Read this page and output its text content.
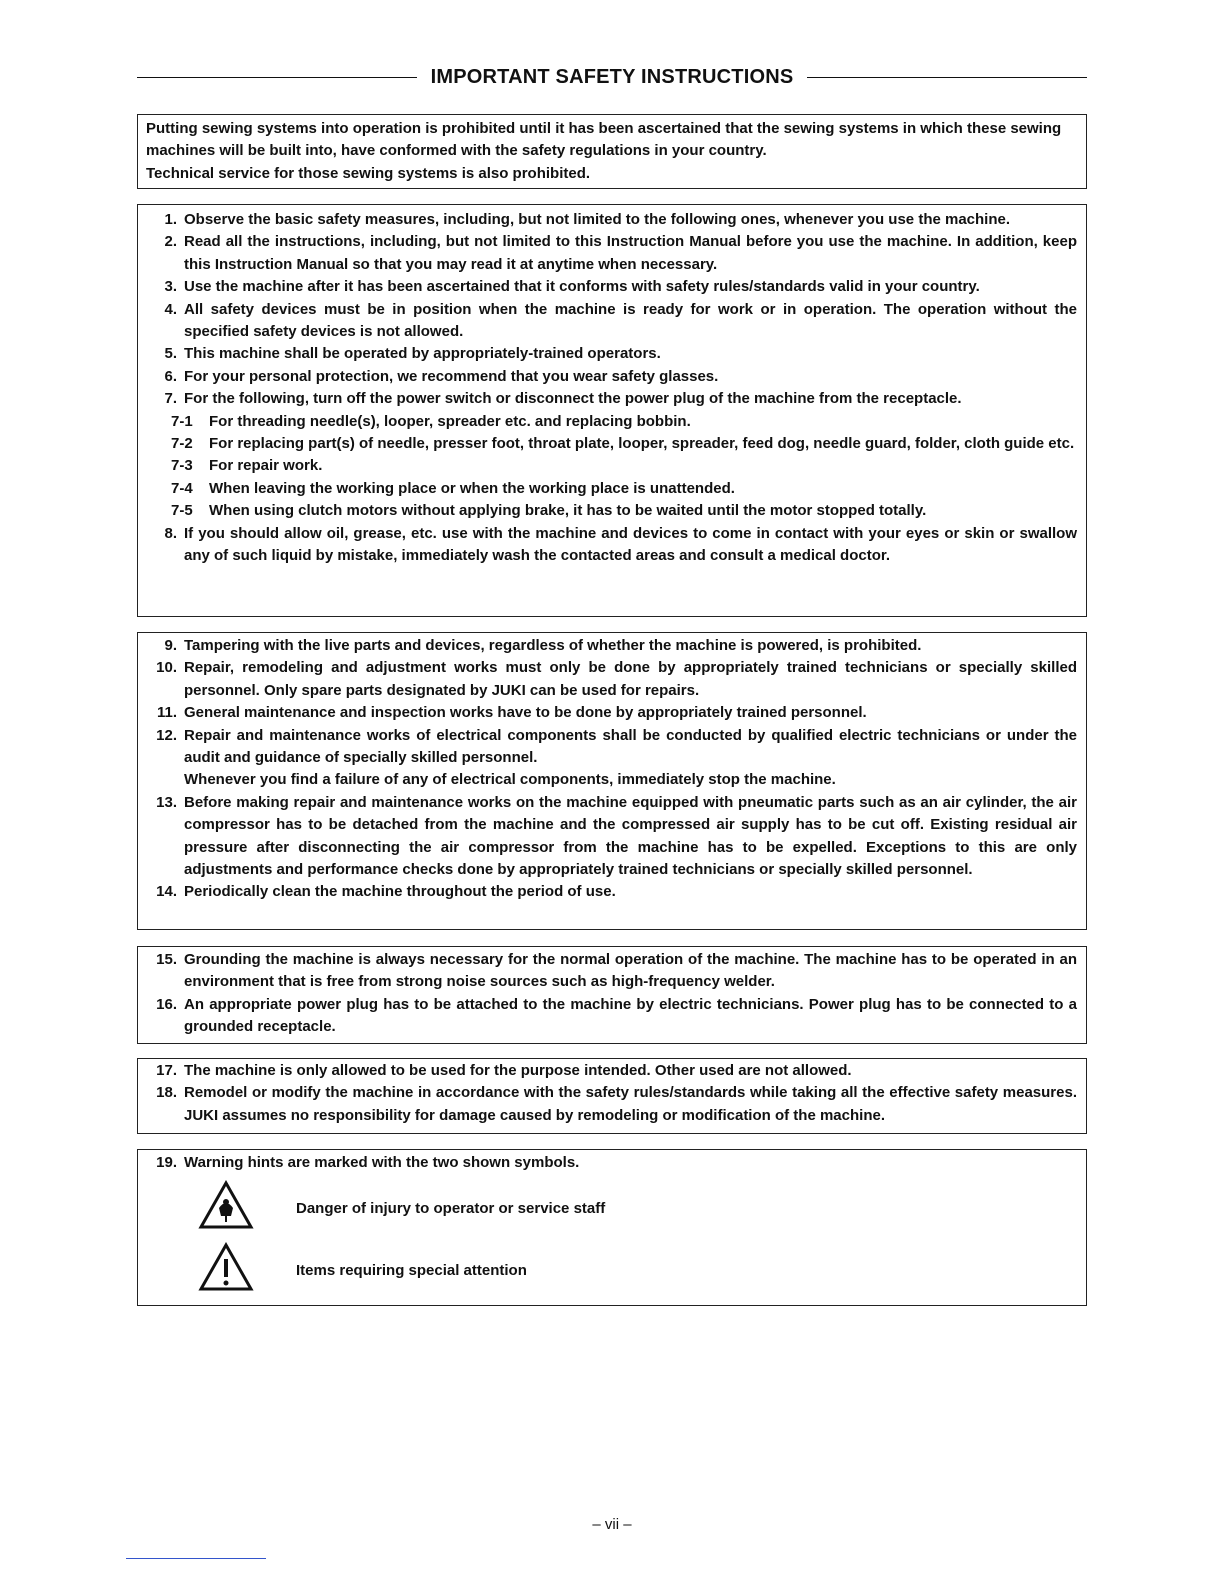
IMPORTANT SAFETY INSTRUCTIONS

Putting sewing systems into operation is prohibited until it has been ascertained that the sewing systems in which these sewing machines will be built into, have conformed with the safety regulations in your country.

Technical service for those sewing systems is also prohibited.

1. Observe the basic safety measures, including, but not limited to the following ones, whenever you use the machine.
2. Read all the instructions, including, but not limited to this Instruction Manual before you use the machine. In addition, keep this Instruction Manual so that you may read it at anytime when necessary.
3. Use the machine after it has been ascertained that it conforms with safety rules/standards valid in your country.
4. All safety devices must be in position when the machine is ready for work or in operation. The operation without the specified safety devices is not allowed.
5. This machine shall be operated by appropriately-trained operators.
6. For your personal protection, we recommend that you wear safety glasses.
7. For the following, turn off the power switch or disconnect the power plug of the machine from the receptacle.
7-1 For threading needle(s), looper, spreader etc. and replacing bobbin.
7-2 For replacing part(s) of needle, presser foot, throat plate, looper, spreader, feed dog, needle guard, folder, cloth guide etc.
7-3 For repair work.
7-4 When leaving the working place or when the working place is unattended.
7-5 When using clutch motors without applying brake, it has to be waited until the motor stopped totally.
8. If you should allow oil, grease, etc. use with the machine and devices to come in contact with your eyes or skin or swallow any of such liquid by mistake, immediately wash the contacted areas and consult a medical doctor.
9. Tampering with the live parts and devices, regardless of whether the machine is powered, is prohibited.
10. Repair, remodeling and adjustment works must only be done by appropriately trained technicians or specially skilled personnel. Only spare parts designated by JUKI can be used for repairs.
11. General maintenance and inspection works have to be done by appropriately trained personnel.
12. Repair and maintenance works of electrical components shall be conducted by qualified electric technicians or under the audit and guidance of specially skilled personnel.
Whenever you find a failure of any of electrical components, immediately stop the machine.
13. Before making repair and maintenance works on the machine equipped with pneumatic parts such as an air cylinder, the air compressor has to be detached from the machine and the compressed air supply has to be cut off. Existing residual air pressure after disconnecting the air compressor from the machine has to be expelled. Exceptions to this are only adjustments and performance checks done by appropriately trained technicians or specially skilled personnel.
14. Periodically clean the machine throughout the period of use.
15. Grounding the machine is always necessary for the normal operation of the machine. The machine has to be operated in an environment that is free from strong noise sources such as high-frequency welder.
16. An appropriate power plug has to be attached to the machine by electric technicians. Power plug has to be connected to a grounded receptacle.
17. The machine is only allowed to be used for the purpose intended. Other used are not allowed.
18. Remodel or modify the machine in accordance with the safety rules/standards while taking all the effective safety measures. JUKI assumes no responsibility for damage caused by remodeling or modification of the machine.
19. Warning hints are marked with the two shown symbols.
Danger of injury to operator or service staff
Items requiring special attention
– vii –
